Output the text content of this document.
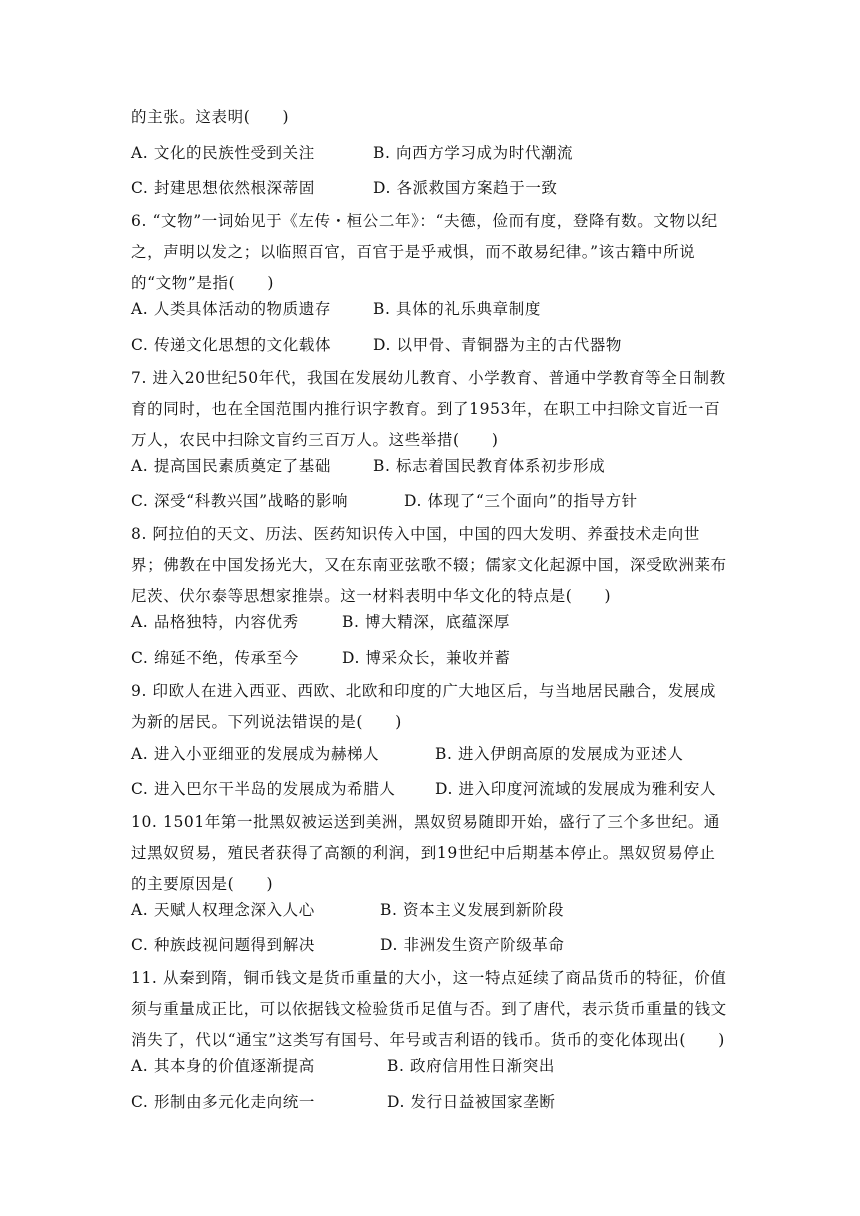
的主张。这表明(　　)
A. 文化的民族性受到关注	B. 向西方学习成为时代潮流
C. 封建思想依然根深蒂固	D. 各派救国方案趋于一致
6. “文物”一词始见于《左传・桓公二年》：“夫德，俭而有度，登降有数。文物以纪之，声明以发之；以临照百官，百官于是乎戒惧，而不敢易纪律。”该古籍中所说的“文物”是指(　　)
A. 人类具体活动的物质遗存	B. 具体的礼乐典章制度
C. 传递文化思想的文化载体	D. 以甲骨、青铜器为主的古代器物
7. 进入20世纪50年代，我国在发展幼儿教育、小学教育、普通中学教育等全日制教育的同时，也在全国范围内推行识字教育。到了1953年，在职工中扫除文盲近一百万人，农民中扫除文盲约三百万人。这些举措(　　)
A. 提高国民素质奠定了基础	B. 标志着国民教育体系初步形成
C. 深受“科教兴国”战略的影响	D. 体现了“三个面向”的指导方针
8. 阿拉伯的天文、历法、医药知识传入中国，中国的四大发明、养蚕技术走向世界；佛教在中国发扬光大，又在东南亚弦歌不辍；儒家文化起源中国，深受欧洲莱布尼茨、伏尔泰等思想家推崇。这一材料表明中华文化的特点是(　　)
A. 品格独特，内容优秀	B. 博大精深，底蕴深厚
C. 绵延不绝，传承至今	D. 博采众长，兼收并蓄
9. 印欧人在进入西亚、西欧、北欧和印度的广大地区后，与当地居民融合，发展成为新的居民。下列说法错误的是(　　)
A. 进入小亚细亚的发展成为赫梯人	B. 进入伊朗高原的发展成为亚述人
C. 进入巴尔干半岛的发展成为希腊人	D. 进入印度河流域的发展成为雅利安人
10. 1501年第一批黑奴被运送到美洲，黑奴贸易随即开始，盛行了三个多世纪。通过黑奴贸易，殖民者获得了高额的利润，到19世纪中后期基本停止。黑奴贸易停止的主要原因是(　　)
A. 天赋人权理念深入人心	B. 资本主义发展到新阶段
C. 种族歧视问题得到解决	D. 非洲发生资产阶级革命
11. 从秦到隋，铜币钱文是货币重量的大小，这一特点延续了商品货币的特征，价值须与重量成正比，可以依据钱文检验货币足值与否。到了唐代，表示货币重量的钱文消失了，代以“通宝”这类写有国号、年号或吉利语的钱币。货币的变化体现出(　　)
A. 其本身的价值逐渐提高	B. 政府信用性日渐突出
C. 形制由多元化走向统一	D. 发行日益被国家垄断
